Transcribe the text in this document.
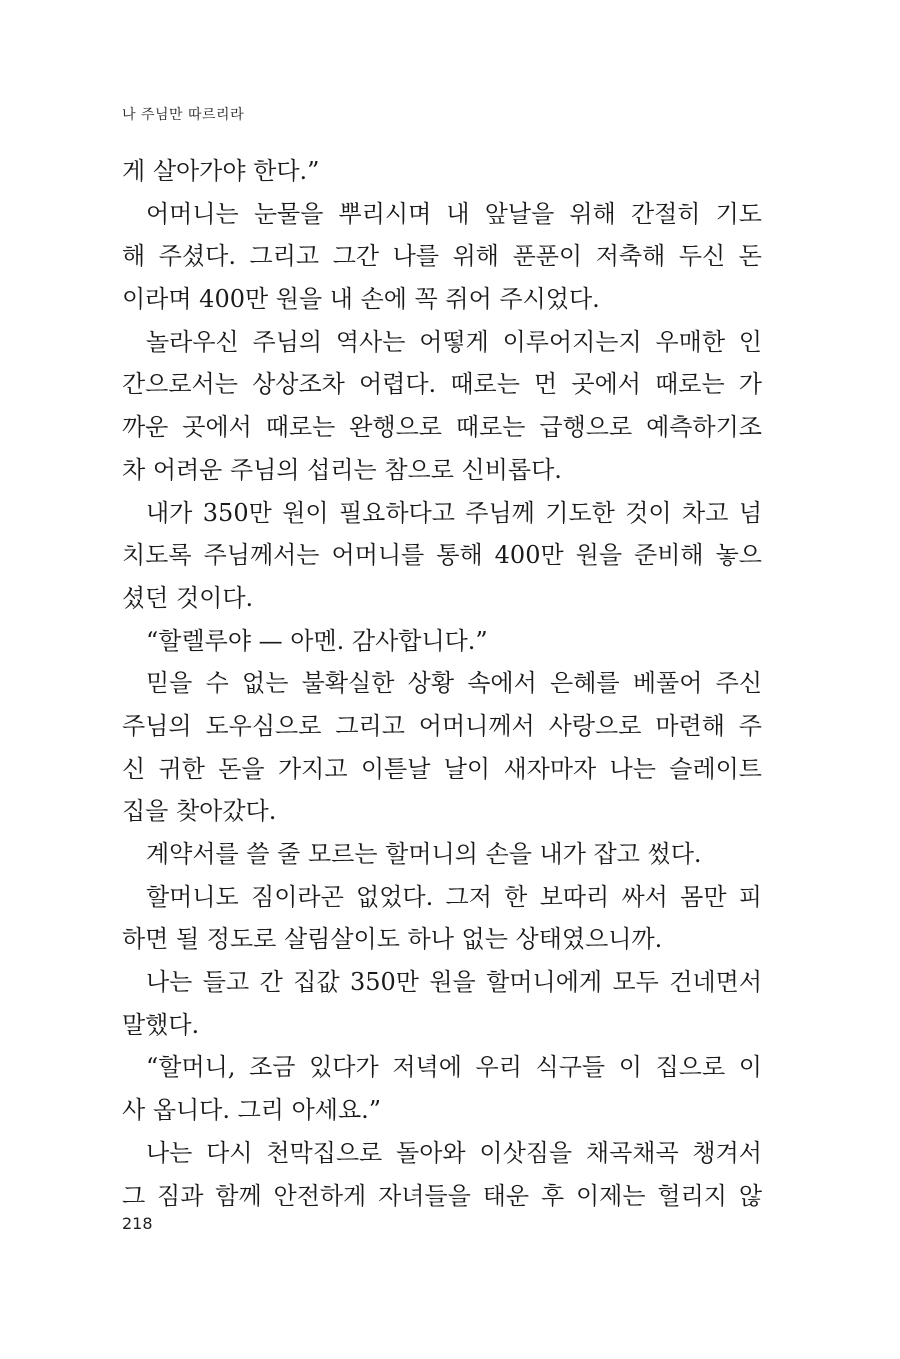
나 주님만 따르리라
게 살아가야 한다.”
어머니는 눈물을 뿌리시며 내 앞날을 위해 간절히 기도
해 주셨다. 그리고 그간 나를 위해 푼푼이 저축해 두신 돈
이라며 400만 원을 내 손에 꼭 쥐어 주시었다.
놀라우신 주님의 역사는 어떻게 이루어지는지 우매한 인
간으로서는 상상조차 어렵다. 때로는 먼 곳에서 때로는 가
까운 곳에서 때로는 완행으로 때로는 급행으로 예측하기조
차 어려운 주님의 섭리는 참으로 신비롭다.
내가 350만 원이 필요하다고 주님께 기도한 것이 차고 넘
치도록 주님께서는 어머니를 통해 400만 원을 준비해 놓으
셨던 것이다.
“할렐루야 — 아멘. 감사합니다.”
믿을 수 없는 불확실한 상황 속에서 은혜를 베풀어 주신
주님의 도우심으로 그리고 어머니께서 사랑으로 마련해 주
신 귀한 돈을 가지고 이튿날 날이 새자마자 나는 슬레이트
집을 찾아갔다.
계약서를 쓸 줄 모르는 할머니의 손을 내가 잡고 썼다.
할머니도 짐이라곤 없었다. 그저 한 보따리 싸서 몸만 피
하면 될 정도로 살림살이도 하나 없는 상태였으니까.
나는 들고 간 집값 350만 원을 할머니에게 모두 건네면서
말했다.
“할머니, 조금 있다가 저녁에 우리 식구들 이 집으로 이
사 옵니다. 그리 아세요.”
나는 다시 천막집으로 돌아와 이삿짐을 채곡채곡 챙겨서
그 짐과 함께 안전하게 자녀들을 태운 후 이제는 헐리지 않
218
